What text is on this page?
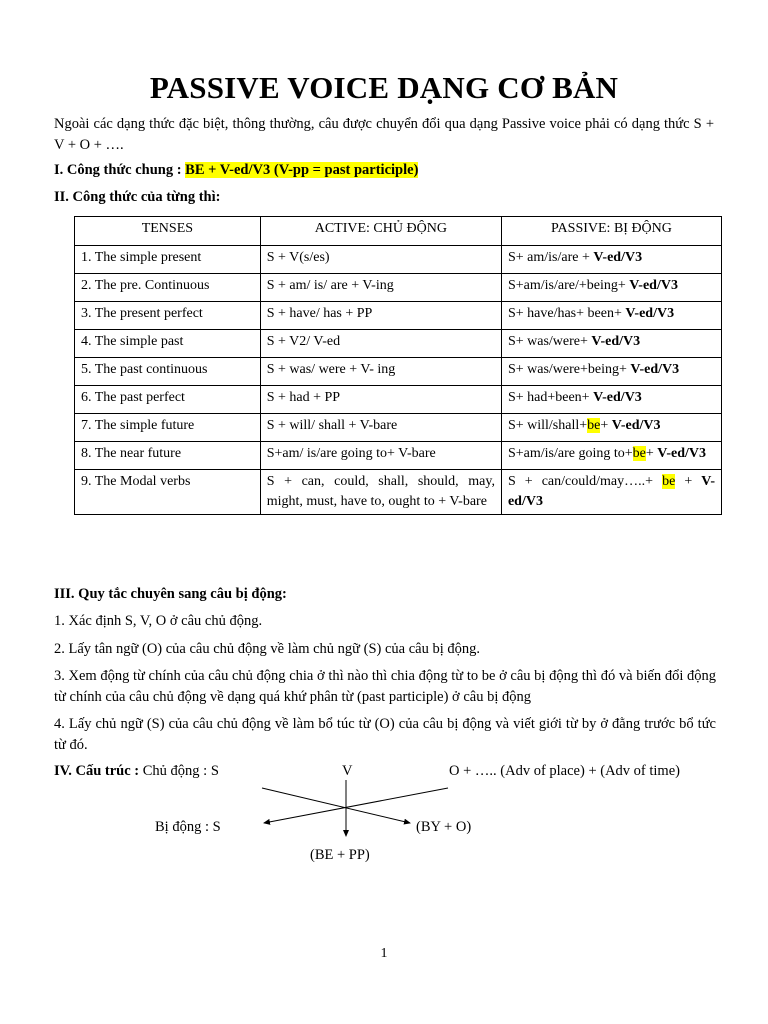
PASSIVE VOICE DẠNG CƠ BẢN
Ngoài các dạng thức đặc biệt, thông thường, câu được chuyển đổi qua dạng Passive voice phải có dạng thức S + V + O + ….
I. Công thức chung : BE + V-ed/V3 (V-pp = past participle)
II. Công thức của từng thì:
TENSES	ACTIVE: CHỦ ĐỘNG	PASSIVE: BỊ ĐỘNG
1. The simple present	S + V(s/es)	S+ am/is/are + V-ed/V3
2. The pre. Continuous	S + am/ is/ are + V-ing	S+am/is/are/+being+ V-ed/V3
3. The present perfect	S + have/ has + PP	S+ have/has+ been+ V-ed/V3
4. The simple past	S + V2/ V-ed	S+ was/were+ V-ed/V3
5. The past continuous	S + was/ were + V- ing	S+ was/were+being+ V-ed/V3
6. The past perfect	S + had + PP	S+ had+been+ V-ed/V3
7. The simple future	S + will/ shall + V-bare	S+ will/shall+be+ V-ed/V3
8. The near future	S+am/ is/are going to+ V-bare	S+am/is/are going to+be+ V-ed/V3
9. The Modal verbs	S + can, could, shall, should, may, might, must, have to, ought to + V-bare	S + can/could/may…..+ be + V-ed/V3
III. Quy tắc chuyên sang câu bị động:
1. Xác định S, V, O ở câu chủ động.
2. Lấy tân ngữ (O) của câu chủ động về làm chủ ngữ (S) của câu bị động.
3. Xem động từ chính của câu chủ động chia ở thì nào thì chia động từ to be ở câu bị động thì đó và biến đổi động từ chính của câu chủ động về dạng quá khứ phân từ (past participle) ở câu bị động
4. Lấy chủ ngữ (S) của câu chủ động về làm bổ túc từ (O) của câu bị động và viết giới từ by ở đằng trước bổ tức từ đó.
IV. Cấu trúc : Chủ động : S	V	O + ….. (Adv of place) + (Adv of time)
Bị động : S	(BY + O)
(BE + PP)
1
